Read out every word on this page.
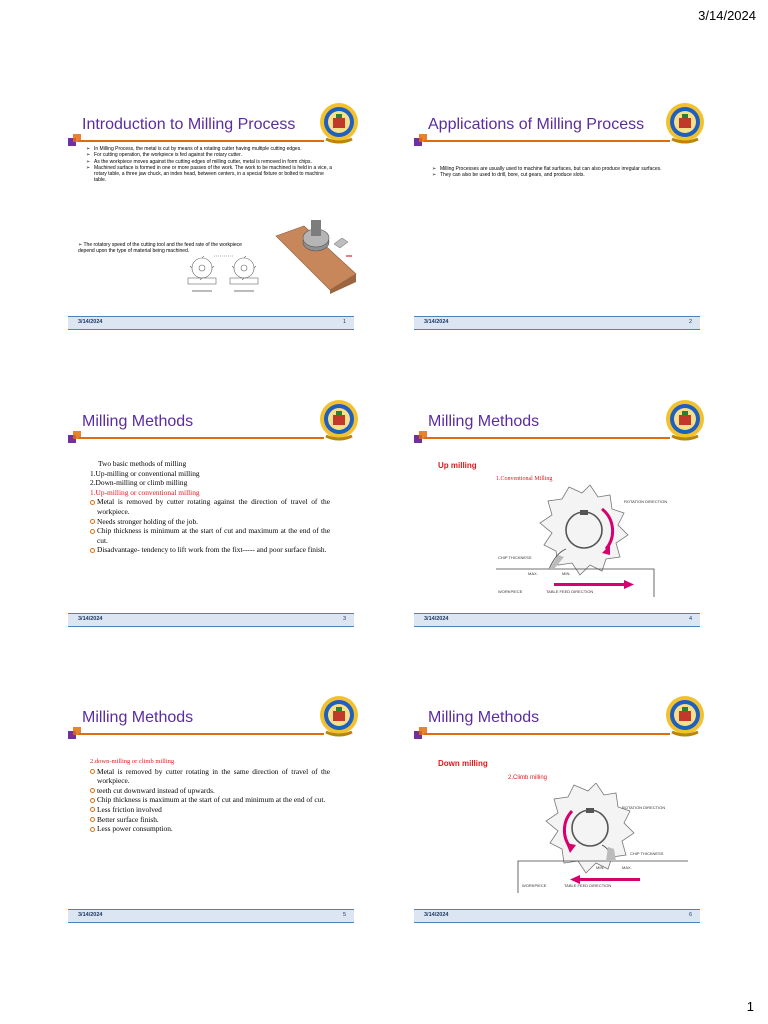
3/14/2024
Introduction to Milling Process
➢ In Milling Process, the metal is cut by means of a rotating cutter having multiple cutting edges.
➢ For cutting operation, the workpiece is fed against the rotary cutter.
➢ As the workpiece moves against the cutting edges of milling cutter, metal is removed in form chips.
➢ Machined surface is formed in one or more passes of the work. The work to be machined is held in a vice, a rotary table, a three jaw chuck, an index head, between centers, in a special fixture or bolted to machine table.
➢ The rotatory speed of the cutting tool and the feed rate of the workpiece depend upon the type of material being machined.
3/14/2024	1
Applications of Milling Process
➢ Milling Processes are usually used to machine flat surfaces, but can also produce irregular surfaces.
➢ They can also be used to drill, bore, cut gears, and produce slots.
3/14/2024	2
Milling Methods
Two basic methods of milling
1.Up-milling or conventional milling
2.Down-milling or climb milling
1.Up-milling or conventional milling
Metal is removed by cutter rotating against the direction of travel of the workpiece.
Needs stronger holding of the job.
Chip thickness is minimum at the start of cut and maximum at the end of the cut.
Disadvantage- tendency to lift work from the fixt----- and poor surface finish.
3/14/2024	3
Milling Methods
Up milling
1.Conventional Milling
ROTATION DIRECTION
CHIP THICKNESS
MAX.	MIN.
WORKPIECE	TABLE FEED DIRECTION
3/14/2024	4
Milling Methods
2.down-milling or climb milling
Metal is removed by cutter rotating in the same direction of travel of the workpiece.
teeth cut downward instead of upwards.
Chip thickness is maximum at the start of cut and minimum at the end of cut.
Less friction involved
Better surface finish.
Less power consumption.
3/14/2024	5
Milling Methods
Down milling
2.Climb milling
ROTATION DIRECTION
CHIP THICKNESS
MIN.	MAX.
WORKPIECE	TABLE FEED DIRECTION
3/14/2024	6
1
